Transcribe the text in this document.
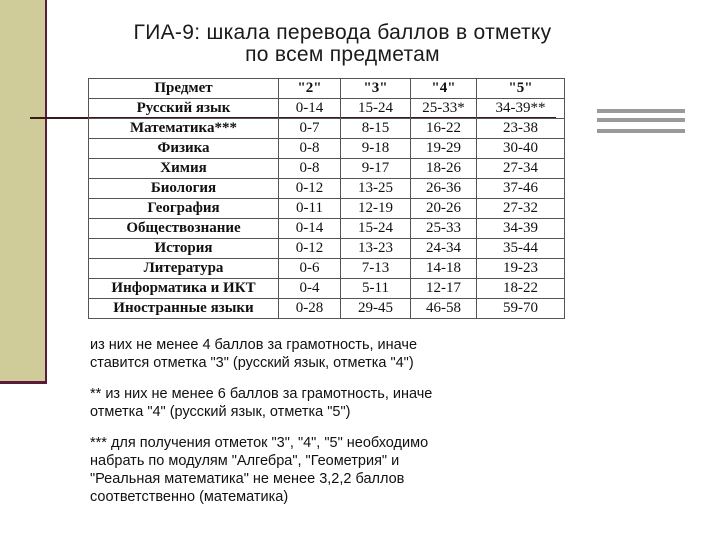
ГИА-9: шкала перевода баллов в отметку
по всем предметам
Предмет	"2"	"3"	"4"	"5"
Русский язык	0-14	15-24	25-33*	34-39**
Математика***	0-7	8-15	16-22	23-38
Физика	0-8	9-18	19-29	30-40
Химия	0-8	9-17	18-26	27-34
Биология	0-12	13-25	26-36	37-46
География	0-11	12-19	20-26	27-32
Обществознание	0-14	15-24	25-33	34-39
История	0-12	13-23	24-34	35-44
Литература	0-6	7-13	14-18	19-23
Информатика и ИКТ	0-4	5-11	12-17	18-22
Иностранные языки	0-28	29-45	46-58	59-70
из них не менее 4 баллов за грамотность, иначе
ставится отметка "3" (русский язык, отметка "4")
** из них не менее 6 баллов за грамотность, иначе
отметка "4" (русский язык, отметка "5")
*** для получения отметок "3", "4", "5" необходимо
набрать по модулям "Алгебра", "Геометрия" и
"Реальная математика" не менее 3,2,2 баллов
соответственно (математика)
